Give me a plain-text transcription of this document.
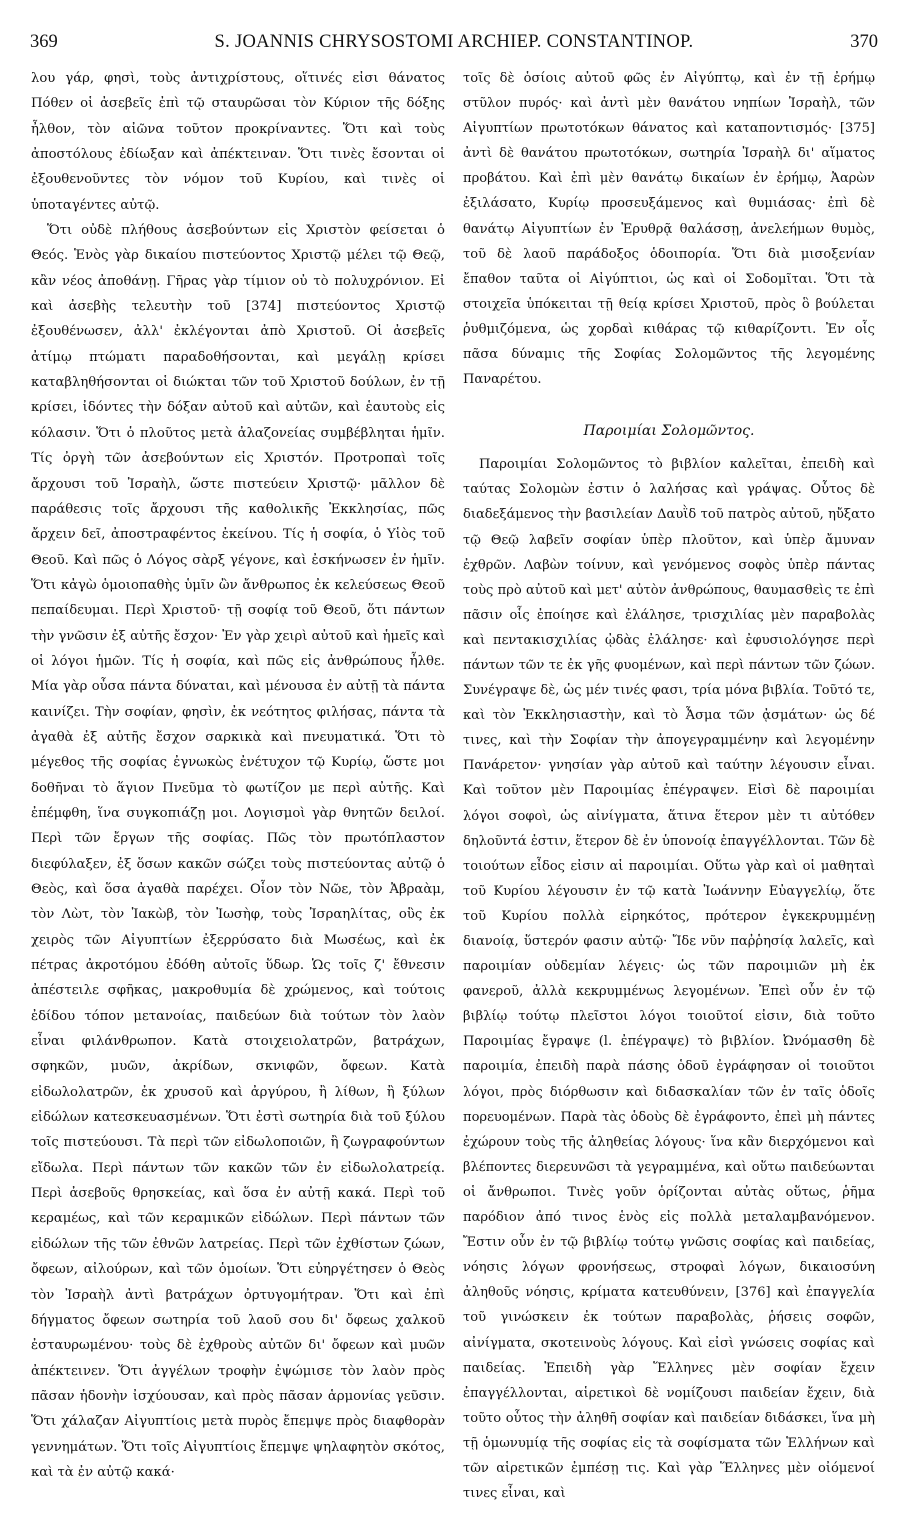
369	S. JOANNIS CHRYSOSTOMI ARCHIEP. CONSTANTINOP.	370

λου γάρ, φησὶ, τοὺς ἀντιχρίστους, οἵτινές εἰσι θάνατος Πόθεν οἱ ἀσεβεῖς ἐπὶ τῷ σταυρῶσαι τὸν Κύριον τῆς δόξης ἦλθον, τὸν αἰῶνα τοῦτον προκρίναντες. Ὅτι καὶ τοὺς ἀποστόλους ἐδίωξαν καὶ ἀπέκτειναν. Ὅτι τινὲς ἔσονται οἱ ἐξουθενοῦντες τὸν νόμον τοῦ Κυρίου, καὶ τινὲς οἱ ὑποταγέντες αὐτῷ.

Ὅτι οὐδὲ πλήθους ἀσεβούντων εἰς Χριστὸν φείσεται ὁ Θεός. Ἑνὸς γὰρ δικαίου πιστεύοντος Χριστῷ μέλει τῷ Θεῷ, κἂν νέος ἀποθάνῃ. Γῆρας γὰρ τίμιον οὐ τὸ πολυχρόνιον. Εἰ καὶ ἀσεβὴς τελευτὴν τοῦ [374] πιστεύοντος Χριστῷ ἐξουθένωσεν, ἀλλ' ἐκλέγονται ἀπὸ Χριστοῦ. Οἱ ἀσεβεῖς ἀτίμῳ πτώματι παραδοθήσονται, καὶ μεγάλῃ κρίσει καταβληθήσονται οἱ διώκται τῶν τοῦ Χριστοῦ δούλων, ἐν τῇ κρίσει, ἰδόντες τὴν δόξαν αὐτοῦ καὶ αὐτῶν, καὶ ἑαυτοὺς εἰς κόλασιν. Ὅτι ὁ πλοῦτος μετὰ ἀλαζονείας συμβέβληται ἡμῖν. Τίς ὀργὴ τῶν ἀσεβούντων εἰς Χριστόν. Προτροπαὶ τοῖς ἄρχουσι τοῦ Ἰσραὴλ, ὥστε πιστεύειν Χριστῷ· μᾶλλον δὲ παράθεσις τοῖς ἄρχουσι τῆς καθολικῆς Ἐκκλησίας, πῶς ἄρχειν δεῖ, ἀποστραφέντος ἐκείνου. Τίς ἡ σοφία, ὁ Υἱὸς τοῦ Θεοῦ. Καὶ πῶς ὁ Λόγος σὰρξ γέγονε, καὶ ἐσκήνωσεν ἐν ἡμῖν. Ὅτι κἀγὼ ὁμοιοπαθὴς ὑμῖν ὢν ἄνθρωπος ἐκ κελεύσεως Θεοῦ πεπαίδευμαι. Περὶ Χριστοῦ· τῇ σοφίᾳ τοῦ Θεοῦ, ὅτι πάντων τὴν γνῶσιν ἐξ αὐτῆς ἔσχον· Ἐν γὰρ χειρὶ αὐτοῦ καὶ ἡμεῖς καὶ οἱ λόγοι ἡμῶν. Τίς ἡ σοφία, καὶ πῶς εἰς ἀνθρώπους ἦλθε. Μία γὰρ οὖσα πάντα δύναται, καὶ μένουσα ἐν αὐτῇ τὰ πάντα καινίζει. Τὴν σοφίαν, φησὶν, ἐκ νεότητος φιλήσας, πάντα τὰ ἀγαθὰ ἐξ αὐτῆς ἔσχον σαρκικὰ καὶ πνευματικά. Ὅτι τὸ μέγεθος τῆς σοφίας ἐγνωκὼς ἐνέτυχον τῷ Κυρίῳ, ὥστε μοι δοθῆναι τὸ ἅγιον Πνεῦμα τὸ φωτίζον με περὶ αὐτῆς. Καὶ ἐπέμφθη, ἵνα συγκοπιάζῃ μοι. Λογισμοὶ γὰρ θνητῶν δειλοί. Περὶ τῶν ἔργων τῆς σοφίας. Πῶς τὸν πρωτόπλαστον διεφύλαξεν, ἐξ ὅσων κακῶν σώζει τοὺς πιστεύοντας αὐτῷ ὁ Θεὸς, καὶ ὅσα ἀγαθὰ παρέχει. Οἷον τὸν Νῶε, τὸν Ἀβραὰμ, τὸν Λὼτ, τὸν Ἰακὼβ, τὸν Ἰωσὴφ, τοὺς Ἰσραηλίτας, οὓς ἐκ χειρὸς τῶν Αἰγυπτίων ἐξερρύσατο διὰ Μωσέως, καὶ ἐκ πέτρας ἀκροτόμου ἐδόθη αὐτοῖς ὕδωρ. Ὡς τοῖς ζ' ἔθνεσιν ἀπέστειλε σφῆκας, μακροθυμία δὲ χρώμενος, καὶ τούτοις ἐδίδου τόπον μετανοίας, παιδεύων διὰ τούτων τὸν λαὸν εἶναι φιλάνθρωπον. Κατὰ στοιχειολατρῶν, βατράχων, σφηκῶν, μυῶν, ἀκρίδων, σκνιφῶν, ὄφεων. Κατὰ εἰδωλολατρῶν, ἐκ χρυσοῦ καὶ ἀργύρου, ἢ λίθων, ἢ ξύλων εἰδώλων κατεσκευασμένων. Ὅτι ἐστὶ σωτηρία διὰ τοῦ ξύλου τοῖς πιστεύουσι. Τὰ περὶ τῶν εἰδωλοποιῶν, ἢ ζωγραφούντων εἴδωλα. Περὶ πάντων τῶν κακῶν τῶν ἐν εἰδωλολατρείᾳ. Περὶ ἀσεβοῦς θρησκείας, καὶ ὅσα ἐν αὐτῇ κακά. Περὶ τοῦ κεραμέως, καὶ τῶν κεραμικῶν εἰδώλων. Περὶ πάντων τῶν εἰδώλων τῆς τῶν ἐθνῶν λατρείας. Περὶ τῶν ἐχθίστων ζώων, ὄφεων, αἰλούρων, καὶ τῶν ὁμοίων. Ὅτι εὐηργέτησεν ὁ Θεὸς τὸν Ἰσραὴλ ἀντὶ βατράχων ὀρτυγομήτραν. Ὅτι καὶ ἐπὶ δήγματος ὄφεων σωτηρία τοῦ λαοῦ σου δι' ὄφεως χαλκοῦ ἐσταυρωμένου· τοὺς δὲ ἐχθροὺς αὐτῶν δι' ὄφεων καὶ μυῶν ἀπέκτεινεν. Ὅτι ἀγγέλων τροφὴν ἐψώμισε τὸν λαὸν πρὸς πᾶσαν ἡδονὴν ἰσχύουσαν, καὶ πρὸς πᾶσαν ἁρμονίας γεῦσιν. Ὅτι χάλαζαν Αἰγυπτίοις μετὰ πυρὸς ἔπεμψε πρὸς διαφθορὰν γεννημάτων. Ὅτι τοῖς Αἰγυπτίοις ἔπεμψε ψηλαφητὸν σκότος, καὶ τὰ ἐν αὐτῷ κακά·

τοῖς δὲ ὁσίοις αὐτοῦ φῶς ἐν Αἰγύπτῳ, καὶ ἐν τῇ ἐρήμῳ στῦλον πυρός· καὶ ἀντὶ μὲν θανάτου νηπίων Ἰσραὴλ, τῶν Αἰγυπτίων πρωτοτόκων θάνατος καὶ καταποντισμός· [375] ἀντὶ δὲ θανάτου πρωτοτόκων, σωτηρία Ἰσραὴλ δι' αἵματος προβάτου. Καὶ ἐπὶ μὲν θανάτῳ δικαίων ἐν ἐρήμῳ, Ἀαρὼν ἐξιλάσατο, Κυρίῳ προσευξάμενος καὶ θυμιάσας· ἐπὶ δὲ θανάτῳ Αἰγυπτίων ἐν Ἐρυθρᾷ θαλάσσῃ, ἀνελεήμων θυμὸς, τοῦ δὲ λαοῦ παράδοξος ὁδοιπορία. Ὅτι διὰ μισοξενίαν ἔπαθον ταῦτα οἱ Αἰγύπτιοι, ὡς καὶ οἱ Σοδομῖται. Ὅτι τὰ στοιχεῖα ὑπόκειται τῇ θείᾳ κρίσει Χριστοῦ, πρὸς ὃ βούλεται ῥυθμιζόμενα, ὡς χορδαὶ κιθάρας τῷ κιθαρίζοντι. Ἐν οἷς πᾶσα δύναμις τῆς Σοφίας Σολομῶντος τῆς λεγομένης Παναρέτου.

Παροιμίαι Σολομῶντος.

Παροιμίαι Σολομῶντος τὸ βιβλίον καλεῖται, ἐπειδὴ καὶ ταύτας Σολομὼν ἐστιν ὁ λαλήσας καὶ γράψας. Οὗτος δὲ διαδεξάμενος τὴν βασιλείαν Δαυῒδ τοῦ πατρὸς αὐτοῦ, ηὔξατο τῷ Θεῷ λαβεῖν σοφίαν ὑπὲρ πλοῦτον, καὶ ὑπὲρ ἄμυναν ἐχθρῶν. Λαβὼν τοίνυν, καὶ γενόμενος σοφὸς ὑπὲρ πάντας τοὺς πρὸ αὐτοῦ καὶ μετ' αὐτὸν ἀνθρώπους, θαυμασθεὶς τε ἐπὶ πᾶσιν οἷς ἐποίησε καὶ ἐλάλησε, τρισχιλίας μὲν παραβολὰς καὶ πεντακισχιλίας ᾠδὰς ἐλάλησε· καὶ ἐφυσιολόγησε περὶ πάντων τῶν τε ἐκ γῆς φυομένων, καὶ περὶ πάντων τῶν ζώων. Συνέγραψε δὲ, ὡς μέν τινές φασι, τρία μόνα βιβλία. Τοῦτό τε, καὶ τὸν Ἐκκλησιαστὴν, καὶ τὸ Ἆσμα τῶν ᾀσμάτων· ὡς δέ τινες, καὶ τὴν Σοφίαν τὴν ἀπογεγραμμένην καὶ λεγομένην Πανάρετον· γνησίαν γὰρ αὐτοῦ καὶ ταύτην λέγουσιν εἶναι. Καὶ τοῦτον μὲν Παροιμίας ἐπέγραψεν. Εἰσὶ δὲ παροιμίαι λόγοι σοφοὶ, ὡς αἰνίγματα, ἅτινα ἕτερον μὲν τι αὐτόθεν δηλοῦντά ἐστιν, ἕτερον δὲ ἐν ὑπονοίᾳ ἐπαγγέλλονται. Τῶν δὲ τοιούτων εἶδος εἰσιν αἱ παροιμίαι. Οὕτω γὰρ καὶ οἱ μαθηταὶ τοῦ Κυρίου λέγουσιν ἐν τῷ κατὰ Ἰωάννην Εὐαγγελίῳ, ὅτε τοῦ Κυρίου πολλὰ εἰρηκότος, πρότερον ἐγκεκρυμμένῃ διανοίᾳ, ὕστερόν φασιν αὐτῷ· Ἴδε νῦν παῤῥησίᾳ λαλεῖς, καὶ παροιμίαν οὐδεμίαν λέγεις· ὡς τῶν παροιμιῶν μὴ ἐκ φανεροῦ, ἀλλὰ κεκρυμμένως λεγομένων. Ἐπεὶ οὖν ἐν τῷ βιβλίῳ τούτῳ πλεῖστοι λόγοι τοιοῦτοί εἰσιν, διὰ τοῦτο Παροιμίας ἔγραψε (l. ἐπέγραψε) τὸ βιβλίον. Ὠνόμασθη δὲ παροιμία, ἐπειδὴ παρὰ πάσης ὁδοῦ ἐγράφησαν οἱ τοιοῦτοι λόγοι, πρὸς διόρθωσιν καὶ διδασκαλίαν τῶν ἐν ταῖς ὁδοῖς πορευομένων. Παρὰ τὰς ὁδοὺς δὲ ἐγράφοντο, ἐπεὶ μὴ πάντες ἐχώρουν τοὺς τῆς ἀληθείας λόγους· ἵνα κἂν διερχόμενοι καὶ βλέποντες διερευνῶσι τὰ γεγραμμένα, καὶ οὕτω παιδεύωνται οἱ ἄνθρωποι. Τινὲς γοῦν ὁρίζονται αὐτὰς οὕτως, ῥῆμα παρόδιον ἀπό τινος ἑνὸς εἰς πολλὰ μεταλαμβανόμενον. Ἔστιν οὖν ἐν τῷ βιβλίῳ τούτῳ γνῶσις σοφίας καὶ παιδείας, νόησις λόγων φρονήσεως, στροφαὶ λόγων, δικαιοσύνη ἀληθοῦς νόησις, κρίματα κατευθύνειν, [376] καὶ ἐπαγγελία τοῦ γινώσκειν ἐκ τούτων παραβολὰς, ῥήσεις σοφῶν, αἰνίγματα, σκοτεινοὺς λόγους. Καὶ εἰσὶ γνώσεις σοφίας καὶ παιδείας. Ἐπειδὴ γὰρ Ἕλληνες μὲν σοφίαν ἔχειν ἐπαγγέλλονται, αἱρετικοὶ δὲ νομίζουσι παιδείαν ἔχειν, διὰ τοῦτο οὗτος τὴν ἀληθῆ σοφίαν καὶ παιδείαν διδάσκει, ἵνα μὴ τῇ ὁμωνυμίᾳ τῆς σοφίας εἰς τὰ σοφίσματα τῶν Ἑλλήνων καὶ τῶν αἱρετικῶν ἐμπέσῃ τις. Καὶ γὰρ Ἕλληνες μὲν οἰόμενοί τινες εἶναι, καὶ
